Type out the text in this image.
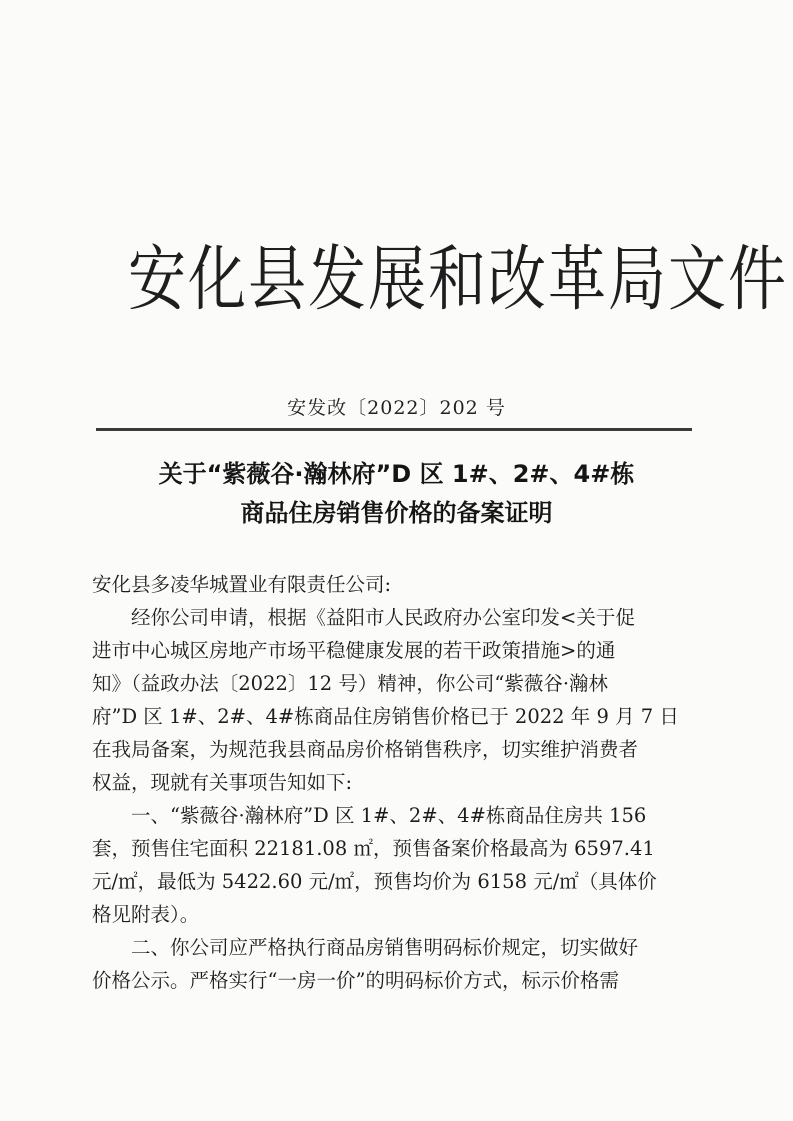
安化县发展和改革局文件
安发改〔2022〕202 号
关于“紫薇谷·瀚林府”D 区 1#、2#、4#栋
商品住房销售价格的备案证明
安化县多凌华城置业有限责任公司:
　　经你公司申请，根据《益阳市人民政府办公室印发<关于促
进市中心城区房地产市场平稳健康发展的若干政策措施>的通
知》（益政办法〔2022〕12 号）精神，你公司“紫薇谷·瀚林
府”D 区 1#、2#、4#栋商品住房销售价格已于 2022 年 9 月 7 日
在我局备案，为规范我县商品房价格销售秩序，切实维护消费者
权益，现就有关事项告知如下:
　　一、“紫薇谷·瀚林府”D 区 1#、2#、4#栋商品住房共 156
套，预售住宅面积 22181.08 ㎡，预售备案价格最高为 6597.41
元/㎡，最低为 5422.60 元/㎡，预售均价为 6158 元/㎡（具体价
格见附表）。
　　二、你公司应严格执行商品房销售明码标价规定，切实做好
价格公示。严格实行“一房一价”的明码标价方式，标示价格需
